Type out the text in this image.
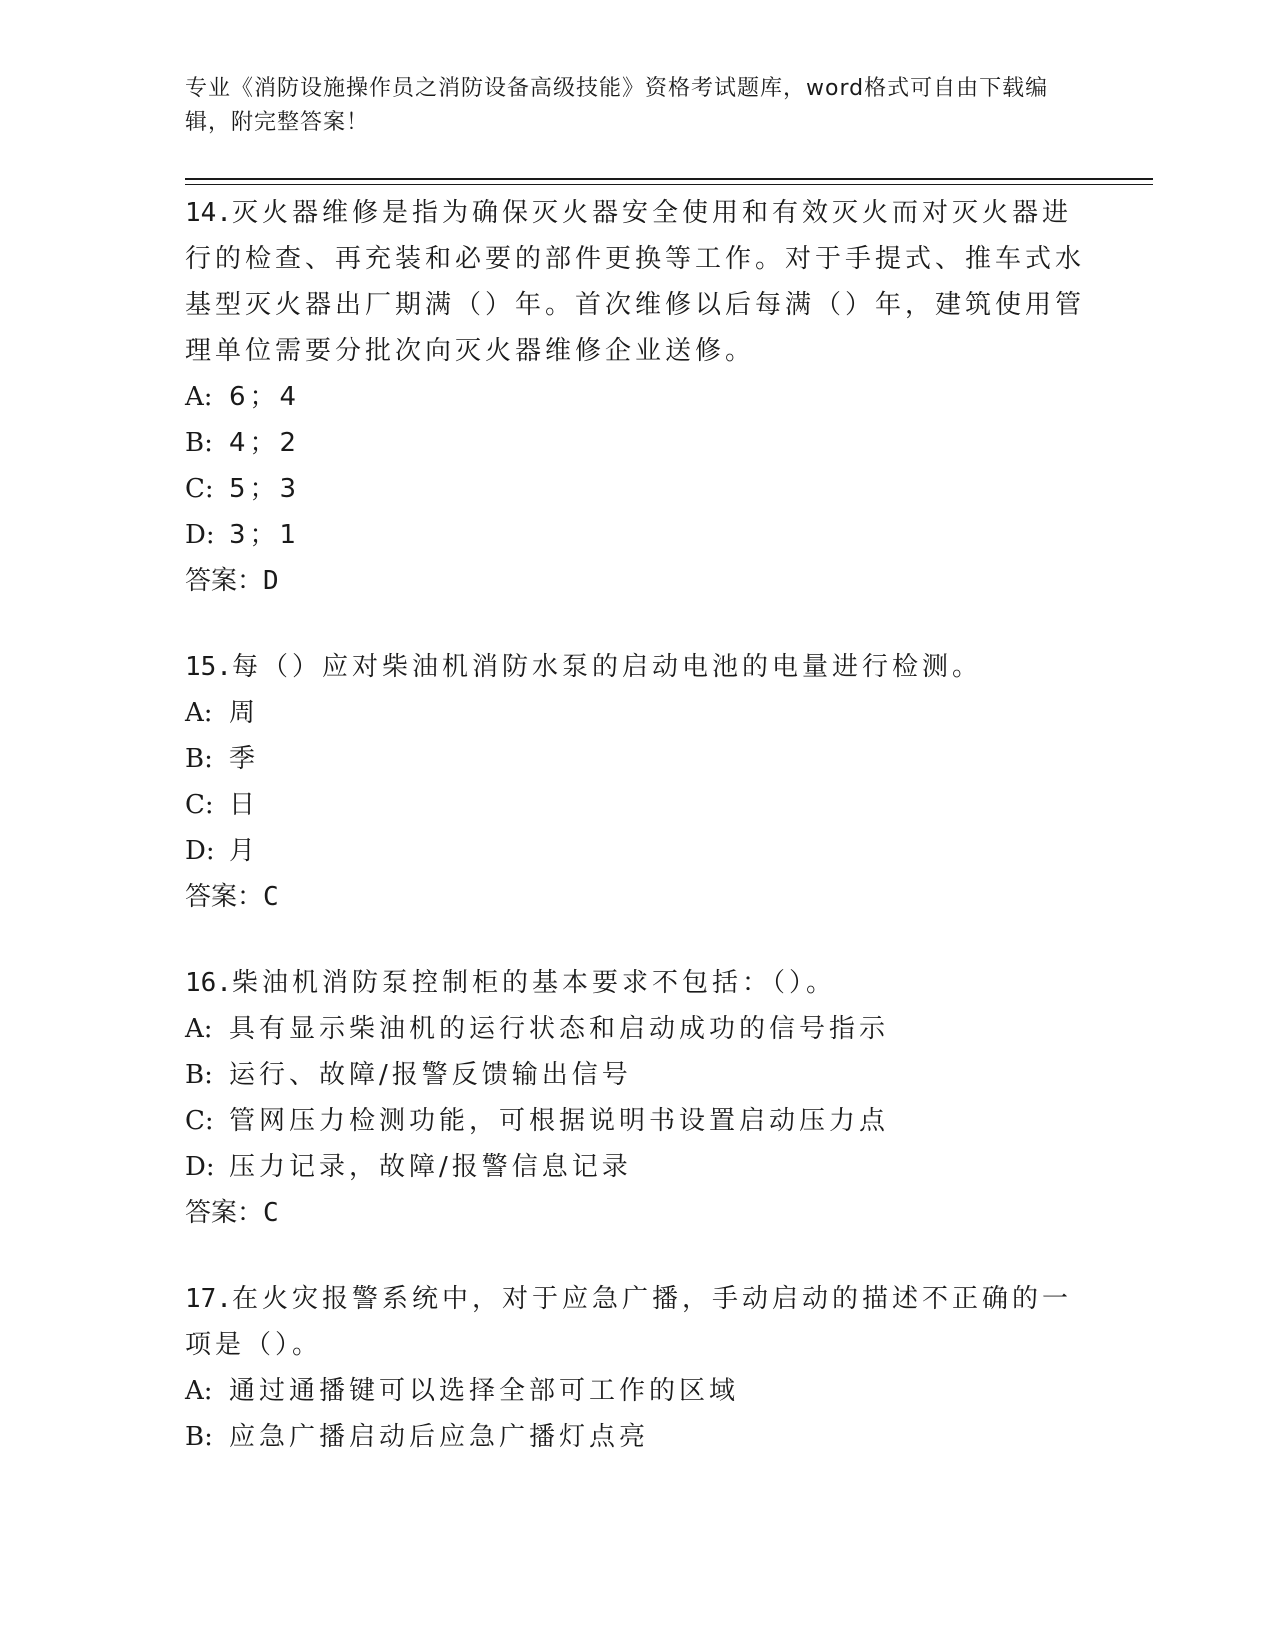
专业《消防设施操作员之消防设备高级技能》资格考试题库，word格式可自由下载编辑，附完整答案！

14.灭火器维修是指为确保灭火器安全使用和有效灭火而对灭火器进行的检查、再充装和必要的部件更换等工作。对于手提式、推车式水基型灭火器出厂期满（）年。首次维修以后每满（）年，建筑使用管理单位需要分批次向灭火器维修企业送修。

A: 6；4

B: 4；2

C: 5；3

D: 3；1

答案：D

15.每（）应对柴油机消防水泵的启动电池的电量进行检测。

A: 周

B: 季

C: 日

D: 月

答案：C

16.柴油机消防泵控制柜的基本要求不包括：（）。

A: 具有显示柴油机的运行状态和启动成功的信号指示

B: 运行、故障/报警反馈输出信号

C: 管网压力检测功能，可根据说明书设置启动压力点

D: 压力记录，故障/报警信息记录

答案：C

17.在火灾报警系统中，对于应急广播，手动启动的描述不正确的一项是（）。

A: 通过通播键可以选择全部可工作的区域

B: 应急广播启动后应急广播灯点亮
